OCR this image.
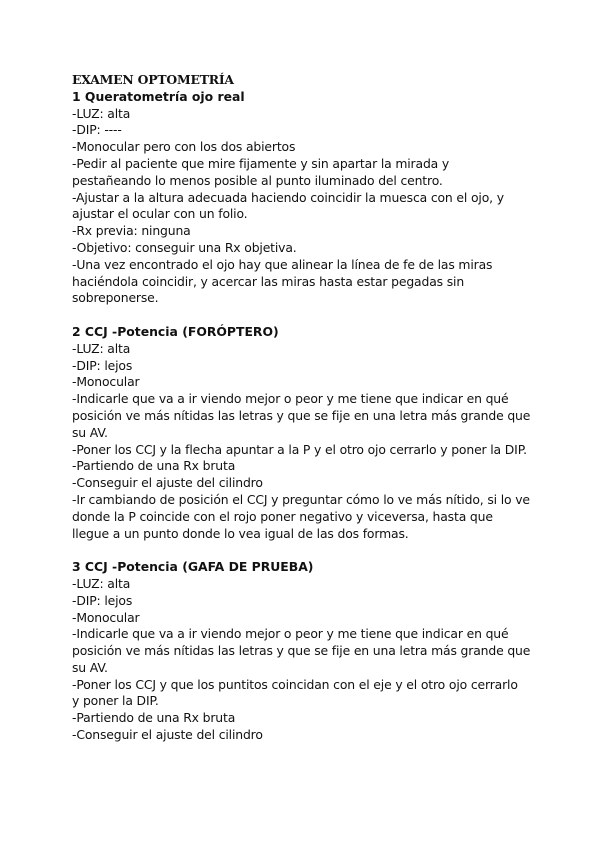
EXAMEN OPTOMETRÍA
1 Queratometría ojo real
-LUZ: alta
-DIP: ----
-Monocular pero con los dos abiertos
-Pedir al paciente que mire fijamente y sin apartar la mirada y
pestañeando lo menos posible al punto iluminado del centro.
-Ajustar a la altura adecuada haciendo coincidir la muesca con el ojo, y
ajustar el ocular con un folio.
-Rx previa: ninguna
-Objetivo: conseguir una Rx objetiva.
-Una vez encontrado el ojo hay que alinear la línea de fe de las miras
haciéndola coincidir, y acercar las miras hasta estar pegadas sin
sobreponerse.
2 CCJ -Potencia (FORÓPTERO)
-LUZ: alta
-DIP: lejos
-Monocular
-Indicarle que va a ir viendo mejor o peor y me tiene que indicar en qué
posición ve más nítidas las letras y que se fije en una letra más grande que
su AV.
-Poner los CCJ y la flecha apuntar a la P y el otro ojo cerrarlo y poner la DIP.
-Partiendo de una Rx bruta
-Conseguir el ajuste del cilindro
-Ir cambiando de posición el CCJ y preguntar cómo lo ve más nítido, si lo ve
donde la P coincide con el rojo poner negativo y viceversa, hasta que
llegue a un punto donde lo vea igual de las dos formas.
3 CCJ -Potencia (GAFA DE PRUEBA)
-LUZ: alta
-DIP: lejos
-Monocular
-Indicarle que va a ir viendo mejor o peor y me tiene que indicar en qué
posición ve más nítidas las letras y que se fije en una letra más grande que
su AV.
-Poner los CCJ y que los puntitos coincidan con el eje y el otro ojo cerrarlo
y poner la DIP.
-Partiendo de una Rx bruta
-Conseguir el ajuste del cilindro
